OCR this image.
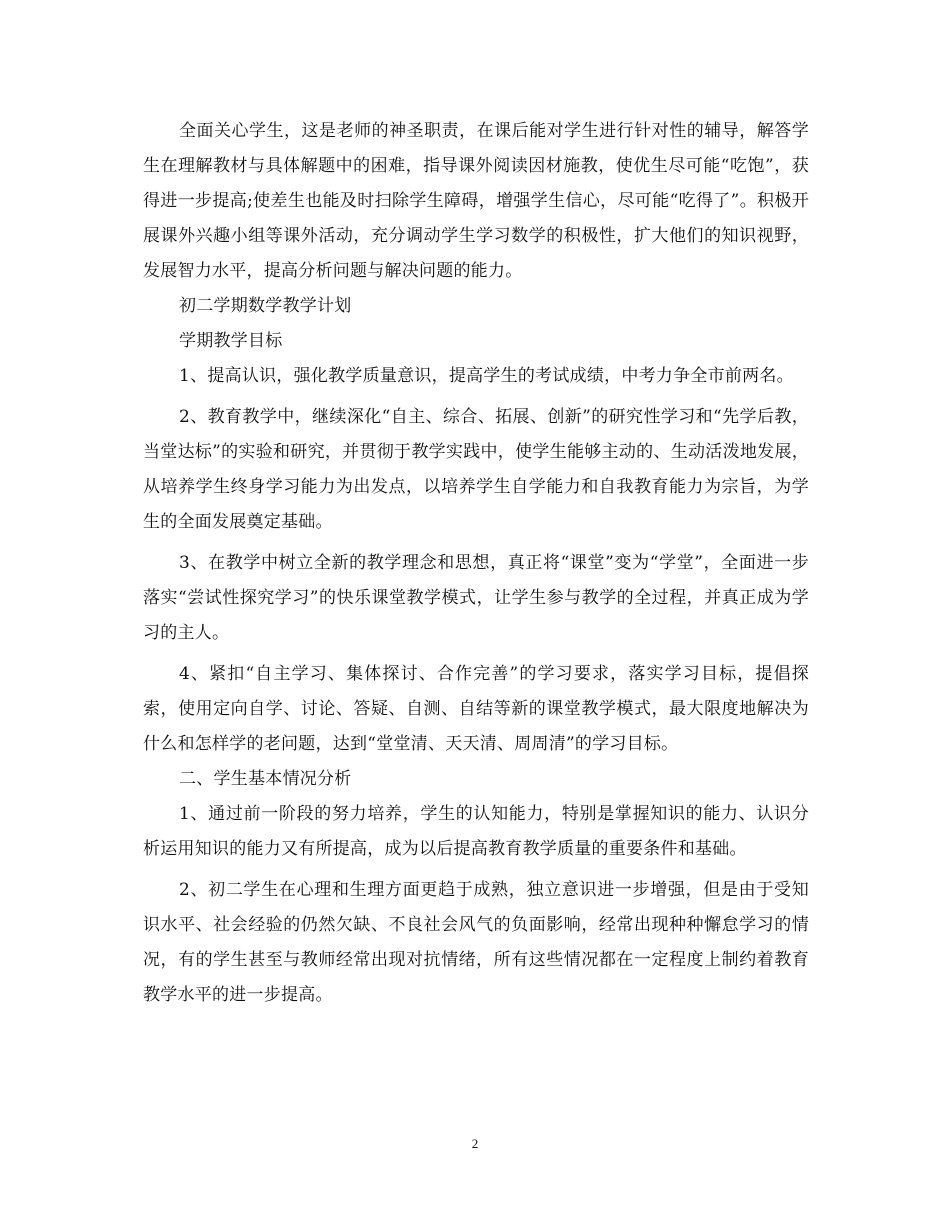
全面关心学生，这是老师的神圣职责，在课后能对学生进行针对性的辅导，解答学生在理解教材与具体解题中的困难，指导课外阅读因材施教，使优生尽可能“吃饱”，获得进一步提高;使差生也能及时扫除学生障碍，增强学生信心，尽可能“吃得了”。积极开展课外兴趣小组等课外活动，充分调动学生学习数学的积极性，扩大他们的知识视野，发展智力水平，提高分析问题与解决问题的能力。

初二学期数学教学计划

学期教学目标

1、提高认识，强化教学质量意识，提高学生的考试成绩，中考力争全市前两名。

2、教育教学中，继续深化“自主、综合、拓展、创新”的研究性学习和“先学后教，当堂达标”的实验和研究，并贯彻于教学实践中，使学生能够主动的、生动活泼地发展，从培养学生终身学习能力为出发点，以培养学生自学能力和自我教育能力为宗旨，为学生的全面发展奠定基础。

3、在教学中树立全新的教学理念和思想，真正将“课堂”变为“学堂”，全面进一步落实“尝试性探究学习”的快乐课堂教学模式，让学生参与教学的全过程，并真正成为学习的主人。

4、紧扣“自主学习、集体探讨、合作完善”的学习要求，落实学习目标，提倡探索，使用定向自学、讨论、答疑、自测、自结等新的课堂教学模式，最大限度地解决为什么和怎样学的老问题，达到“堂堂清、天天清、周周清”的学习目标。

二、学生基本情况分析

1、通过前一阶段的努力培养，学生的认知能力，特别是掌握知识的能力、认识分析运用知识的能力又有所提高，成为以后提高教育教学质量的重要条件和基础。

2、初二学生在心理和生理方面更趋于成熟，独立意识进一步增强，但是由于受知识水平、社会经验的仍然欠缺、不良社会风气的负面影响，经常出现种种懈怠学习的情况，有的学生甚至与教师经常出现对抗情绪，所有这些情况都在一定程度上制约着教育教学水平的进一步提高。

2
